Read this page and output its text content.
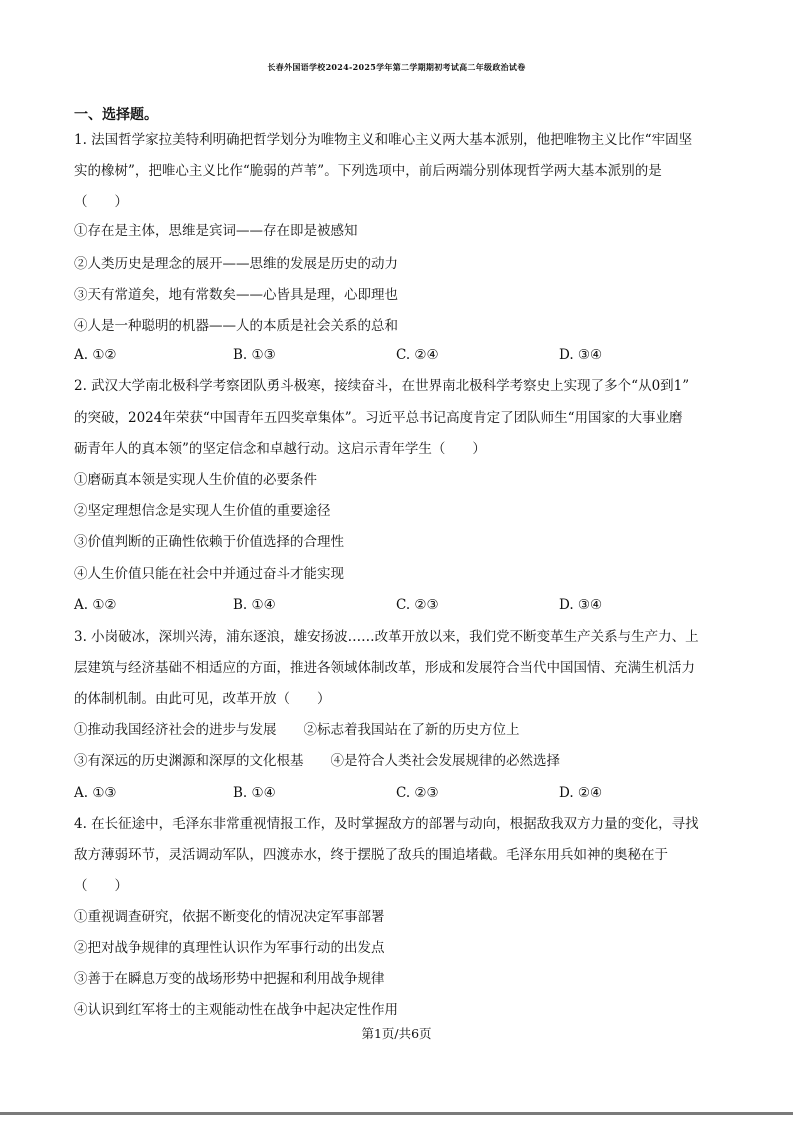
长春外国语学校2024-2025学年第二学期期初考试高二年级政治试卷
一、选择题。
1. 法国哲学家拉美特利明确把哲学划分为唯物主义和唯心主义两大基本派别，他把唯物主义比作“牢固坚
实的橡树”，把唯心主义比作“脆弱的芦苇”。下列选项中，前后两端分别体现哲学两大基本派别的是
（　　）
①存在是主体，思维是宾词——存在即是被感知
②人类历史是理念的展开——思维的发展是历史的动力
③天有常道矣，地有常数矣——心皆具是理，心即理也
④人是一种聪明的机器——人的本质是社会关系的总和
A. ①②	B. ①③	C. ②④	D. ③④
2. 武汉大学南北极科学考察团队勇斗极寒，接续奋斗，在世界南北极科学考察史上实现了多个“从0到1”
的突破，2024年荣获“中国青年五四奖章集体”。习近平总书记高度肯定了团队师生“用国家的大事业磨
砺青年人的真本领”的坚定信念和卓越行动。这启示青年学生（　　）
①磨砺真本领是实现人生价值的必要条件
②坚定理想信念是实现人生价值的重要途径
③价值判断的正确性依赖于价值选择的合理性
④人生价值只能在社会中并通过奋斗才能实现
A. ①②	B. ①④	C. ②③	D. ③④
3. 小岗破冰，深圳兴涛，浦东逐浪，雄安扬波……改革开放以来，我们党不断变革生产关系与生产力、上
层建筑与经济基础不相适应的方面，推进各领域体制改革，形成和发展符合当代中国国情、充满生机活力
的体制机制。由此可见，改革开放（　　）
①推动我国经济社会的进步与发展　　②标志着我国站在了新的历史方位上
③有深远的历史渊源和深厚的文化根基　　④是符合人类社会发展规律的必然选择
A. ①③	B. ①④	C. ②③	D. ②④
4. 在长征途中，毛泽东非常重视情报工作，及时掌握敌方的部署与动向，根据敌我双方力量的变化，寻找
敌方薄弱环节，灵活调动军队，四渡赤水，终于摆脱了敌兵的围追堵截。毛泽东用兵如神的奥秘在于
（　　）
①重视调查研究，依据不断变化的情况决定军事部署
②把对战争规律的真理性认识作为军事行动的出发点
③善于在瞬息万变的战场形势中把握和利用战争规律
④认识到红军将士的主观能动性在战争中起决定性作用
第1页/共6页
